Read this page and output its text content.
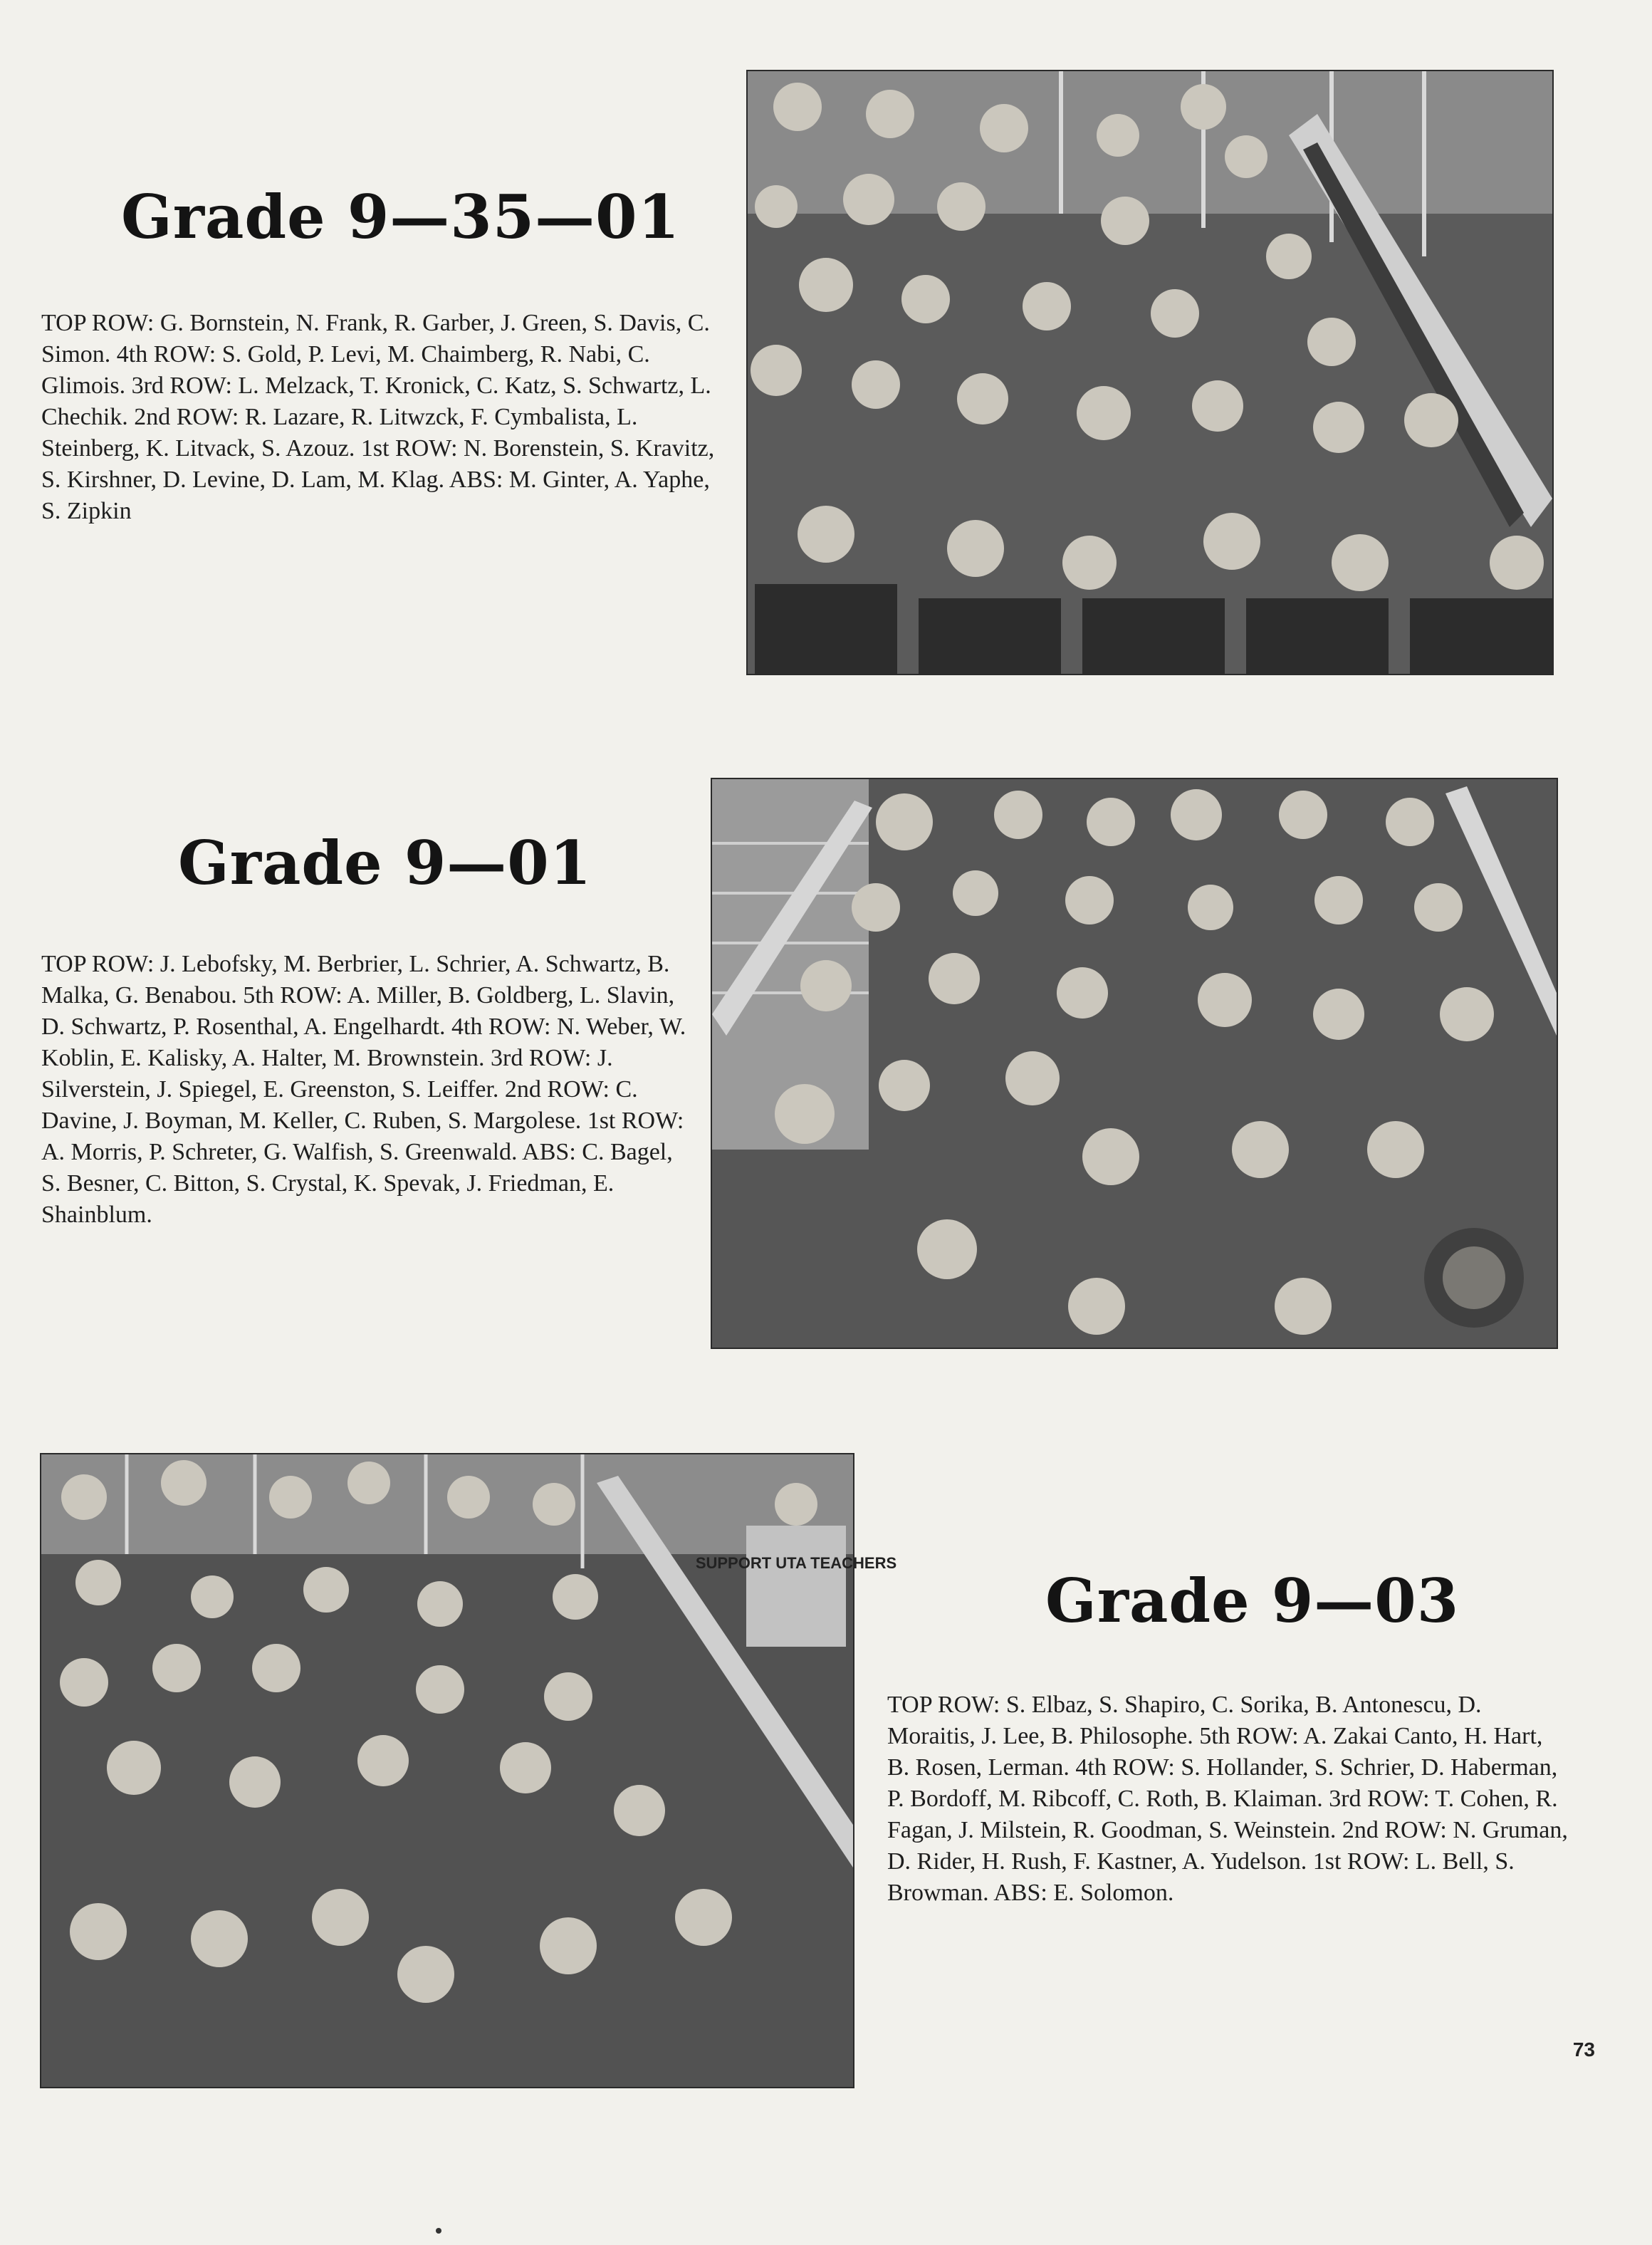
Grade 9—35—01

TOP ROW: G. Bornstein, N. Frank, R. Garber, J. Green, S. Davis, C. Simon. 4th ROW: S. Gold, P. Levi, M. Chaimberg, R. Nabi, C. Glimois. 3rd ROW: L. Melzack, T. Kronick, C. Katz, S. Schwartz, L. Chechik. 2nd ROW: R. Lazare, R. Litwzck, F. Cymbalista, L. Steinberg, K. Litvack, S. Azouz. 1st ROW: N. Borenstein, S. Kravitz, S. Kirshner, D. Levine, D. Lam, M. Klag. ABS: M. Ginter, A. Yaphe, S. Zipkin

Grade 9—01

TOP ROW: J. Lebofsky, M. Berbrier, L. Schrier, A. Schwartz, B. Malka, G. Benabou. 5th ROW: A. Miller, B. Goldberg, L. Slavin, D. Schwartz, P. Rosenthal, A. Engelhardt. 4th ROW: N. Weber, W. Koblin, E. Kalisky, A. Halter, M. Brownstein. 3rd ROW: J. Silverstein, J. Spiegel, E. Greenston, S. Leiffer. 2nd ROW: C. Davine, J. Boyman, M. Keller, C. Ruben, S. Margolese. 1st ROW: A. Morris, P. Schreter, G. Walfish, S. Greenwald. ABS: C. Bagel, S. Besner, C. Bitton, S. Crystal, K. Spevak, J. Friedman, E. Shainblum.

SUPPORT UTA TEACHERS
Grade 9—03

TOP ROW: S. Elbaz, S. Shapiro, C. Sorika, B. Antonescu, D. Moraitis, J. Lee, B. Philosophe. 5th ROW: A. Zakai Canto, H. Hart, B. Rosen, Lerman. 4th ROW: S. Hollander, S. Schrier, D. Haberman, P. Bordoff, M. Ribcoff, C. Roth, B. Klaiman. 3rd ROW: T. Cohen, R. Fagan, J. Milstein, R. Goodman, S. Weinstein. 2nd ROW: N. Gruman, D. Rider, H. Rush, F. Kastner, A. Yudelson. 1st ROW: L. Bell, S. Browman. ABS: E. Solomon.

73
